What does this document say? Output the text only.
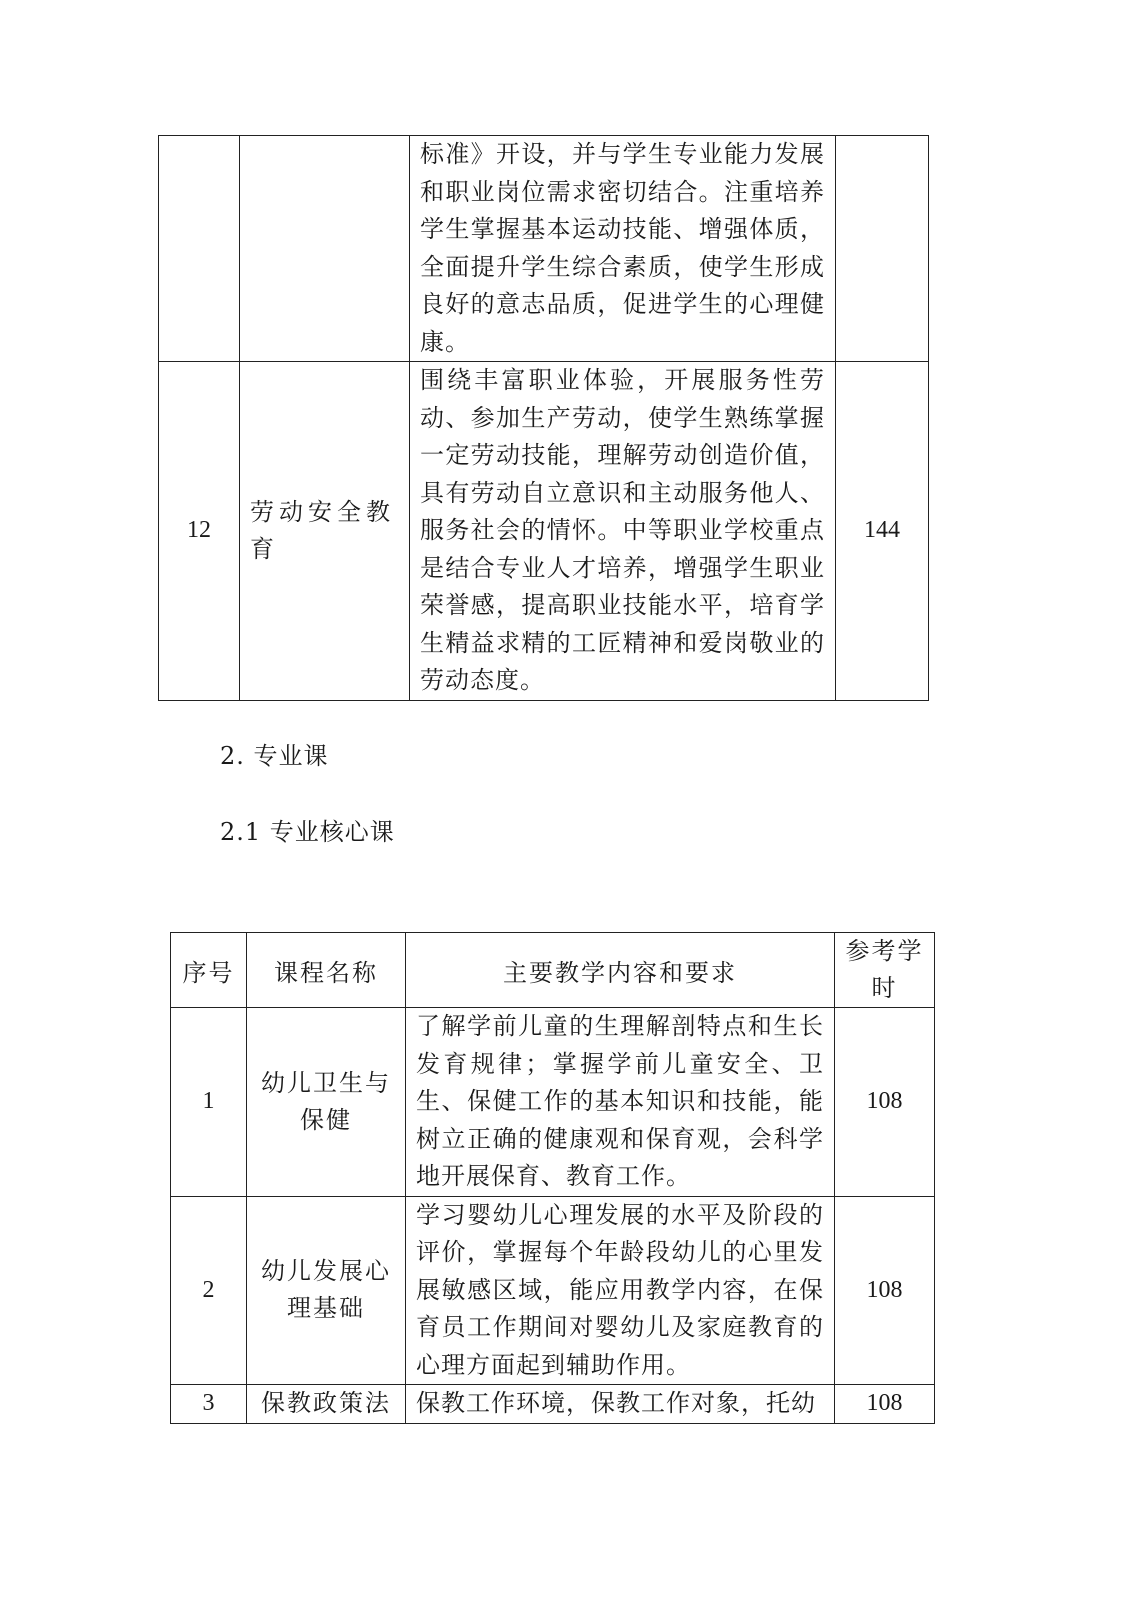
		标准》开设，并与学生专业能力发展和职业岗位需求密切结合。注重培养学生掌握基本运动技能、增强体质，全面提升学生综合素质，使学生形成良好的意志品质，促进学生的心理健康。	
12	劳动安全教育	围绕丰富职业体验，开展服务性劳动、参加生产劳动，使学生熟练掌握一定劳动技能，理解劳动创造价值，具有劳动自立意识和主动服务他人、服务社会的情怀。中等职业学校重点是结合专业人才培养，增强学生职业荣誉感，提高职业技能水平，培育学生精益求精的工匠精神和爱岗敬业的劳动态度。	144
2. 专业课
2.1 专业核心课
序号	课程名称	主要教学内容和要求	参考学时
1	幼儿卫生与保健	了解学前儿童的生理解剖特点和生长发育规律；掌握学前儿童安全、卫生、保健工作的基本知识和技能，能树立正确的健康观和保育观，会科学地开展保育、教育工作。	108
2	幼儿发展心理基础	学习婴幼儿心理发展的水平及阶段的评价，掌握每个年龄段幼儿的心里发展敏感区域，能应用教学内容，在保育员工作期间对婴幼儿及家庭教育的心理方面起到辅助作用。	108
3	保教政策法	保教工作环境，保教工作对象，托幼	108
